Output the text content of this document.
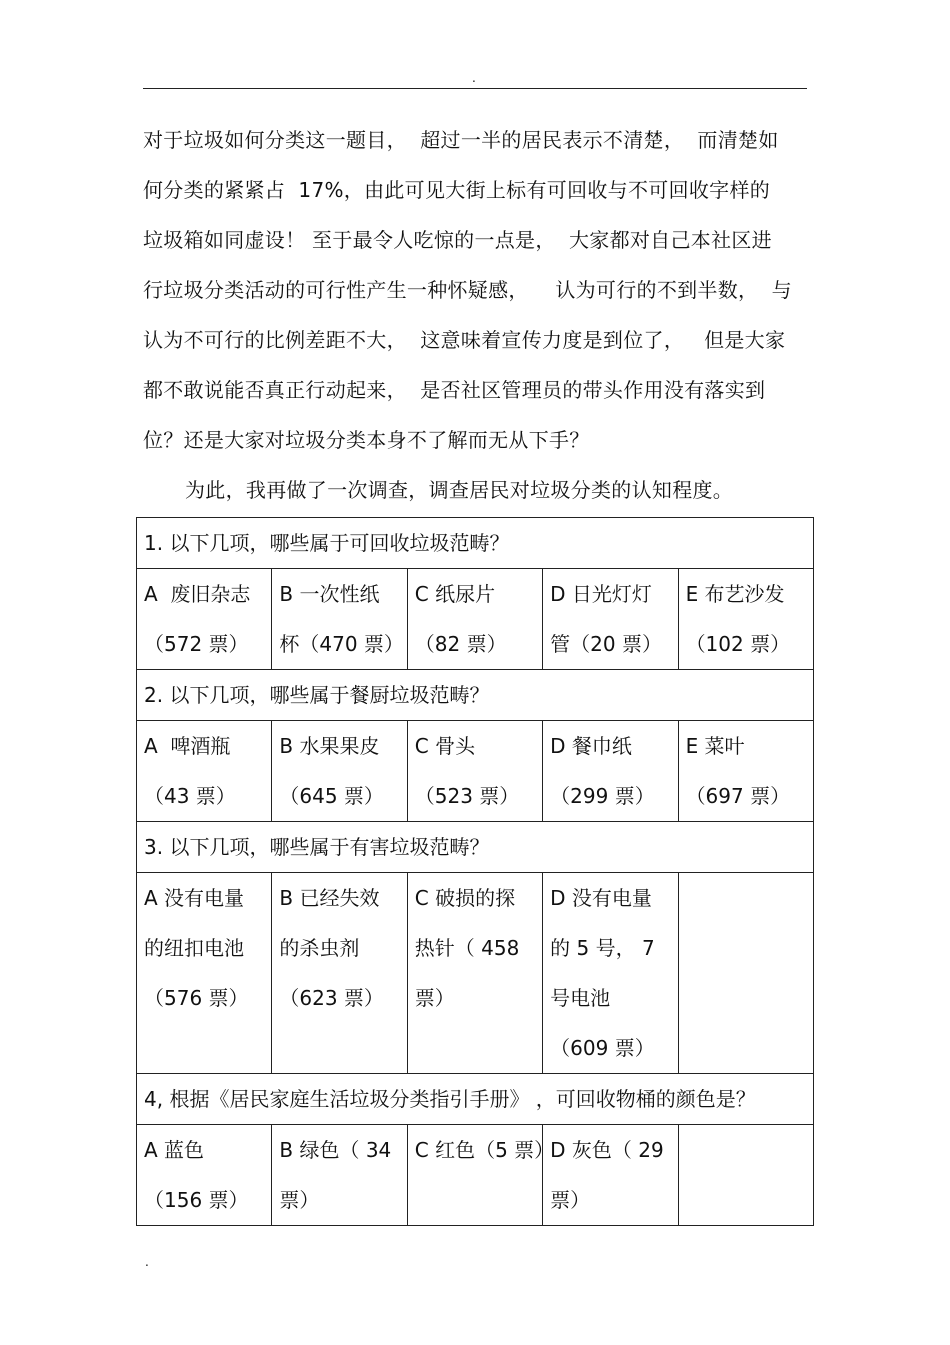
.
对于垃圾如何分类这一题目，  超过一半的居民表示不清楚，  而清楚如
何分类的紧紧占  17%，由此可见大街上标有可回收与不可回收字样的
垃圾箱如同虚设！ 至于最令人吃惊的一点是，  大家都对自己本社区进
行垃圾分类活动的可行性产生一种怀疑感，    认为可行的不到半数，  与
认为不可行的比例差距不大，  这意味着宣传力度是到位了，   但是大家
都不敢说能否真正行动起来，  是否社区管理员的带头作用没有落实到
位？还是大家对垃圾分类本身不了解而无从下手？
为此，我再做了一次调查，调查居民对垃圾分类的认知程度。
1. 以下几项，哪些属于可回收垃圾范畴？				

A  废旧杂志
（572 票）	B 一次性纸
杯（470 票）	C 纸尿片
（82 票）	D 日光灯灯
管（20 票）	E 布艺沙发
（102 票）

2. 以下几项，哪些属于餐厨垃圾范畴？				

A  啤酒瓶
（43 票）	B 水果果皮
（645 票）	C 骨头
（523 票）	D 餐巾纸
（299 票）	E 菜叶
（697 票）

3. 以下几项，哪些属于有害垃圾范畴？				

A 没有电量
的纽扣电池
（576 票）	B 已经失效
的杀虫剂
（623 票）	C 破损的探
热针（ 458
票）	D 没有电量
的 5 号， 7
号电池
（609 票）	

4, 根据《居民家庭生活垃圾分类指引手册》 ，可回收物桶的颜色是？				

A 蓝色
（156 票）	B 绿色（ 34
票）	C 红色（5 票）	D 灰色（ 29
票）	

.
